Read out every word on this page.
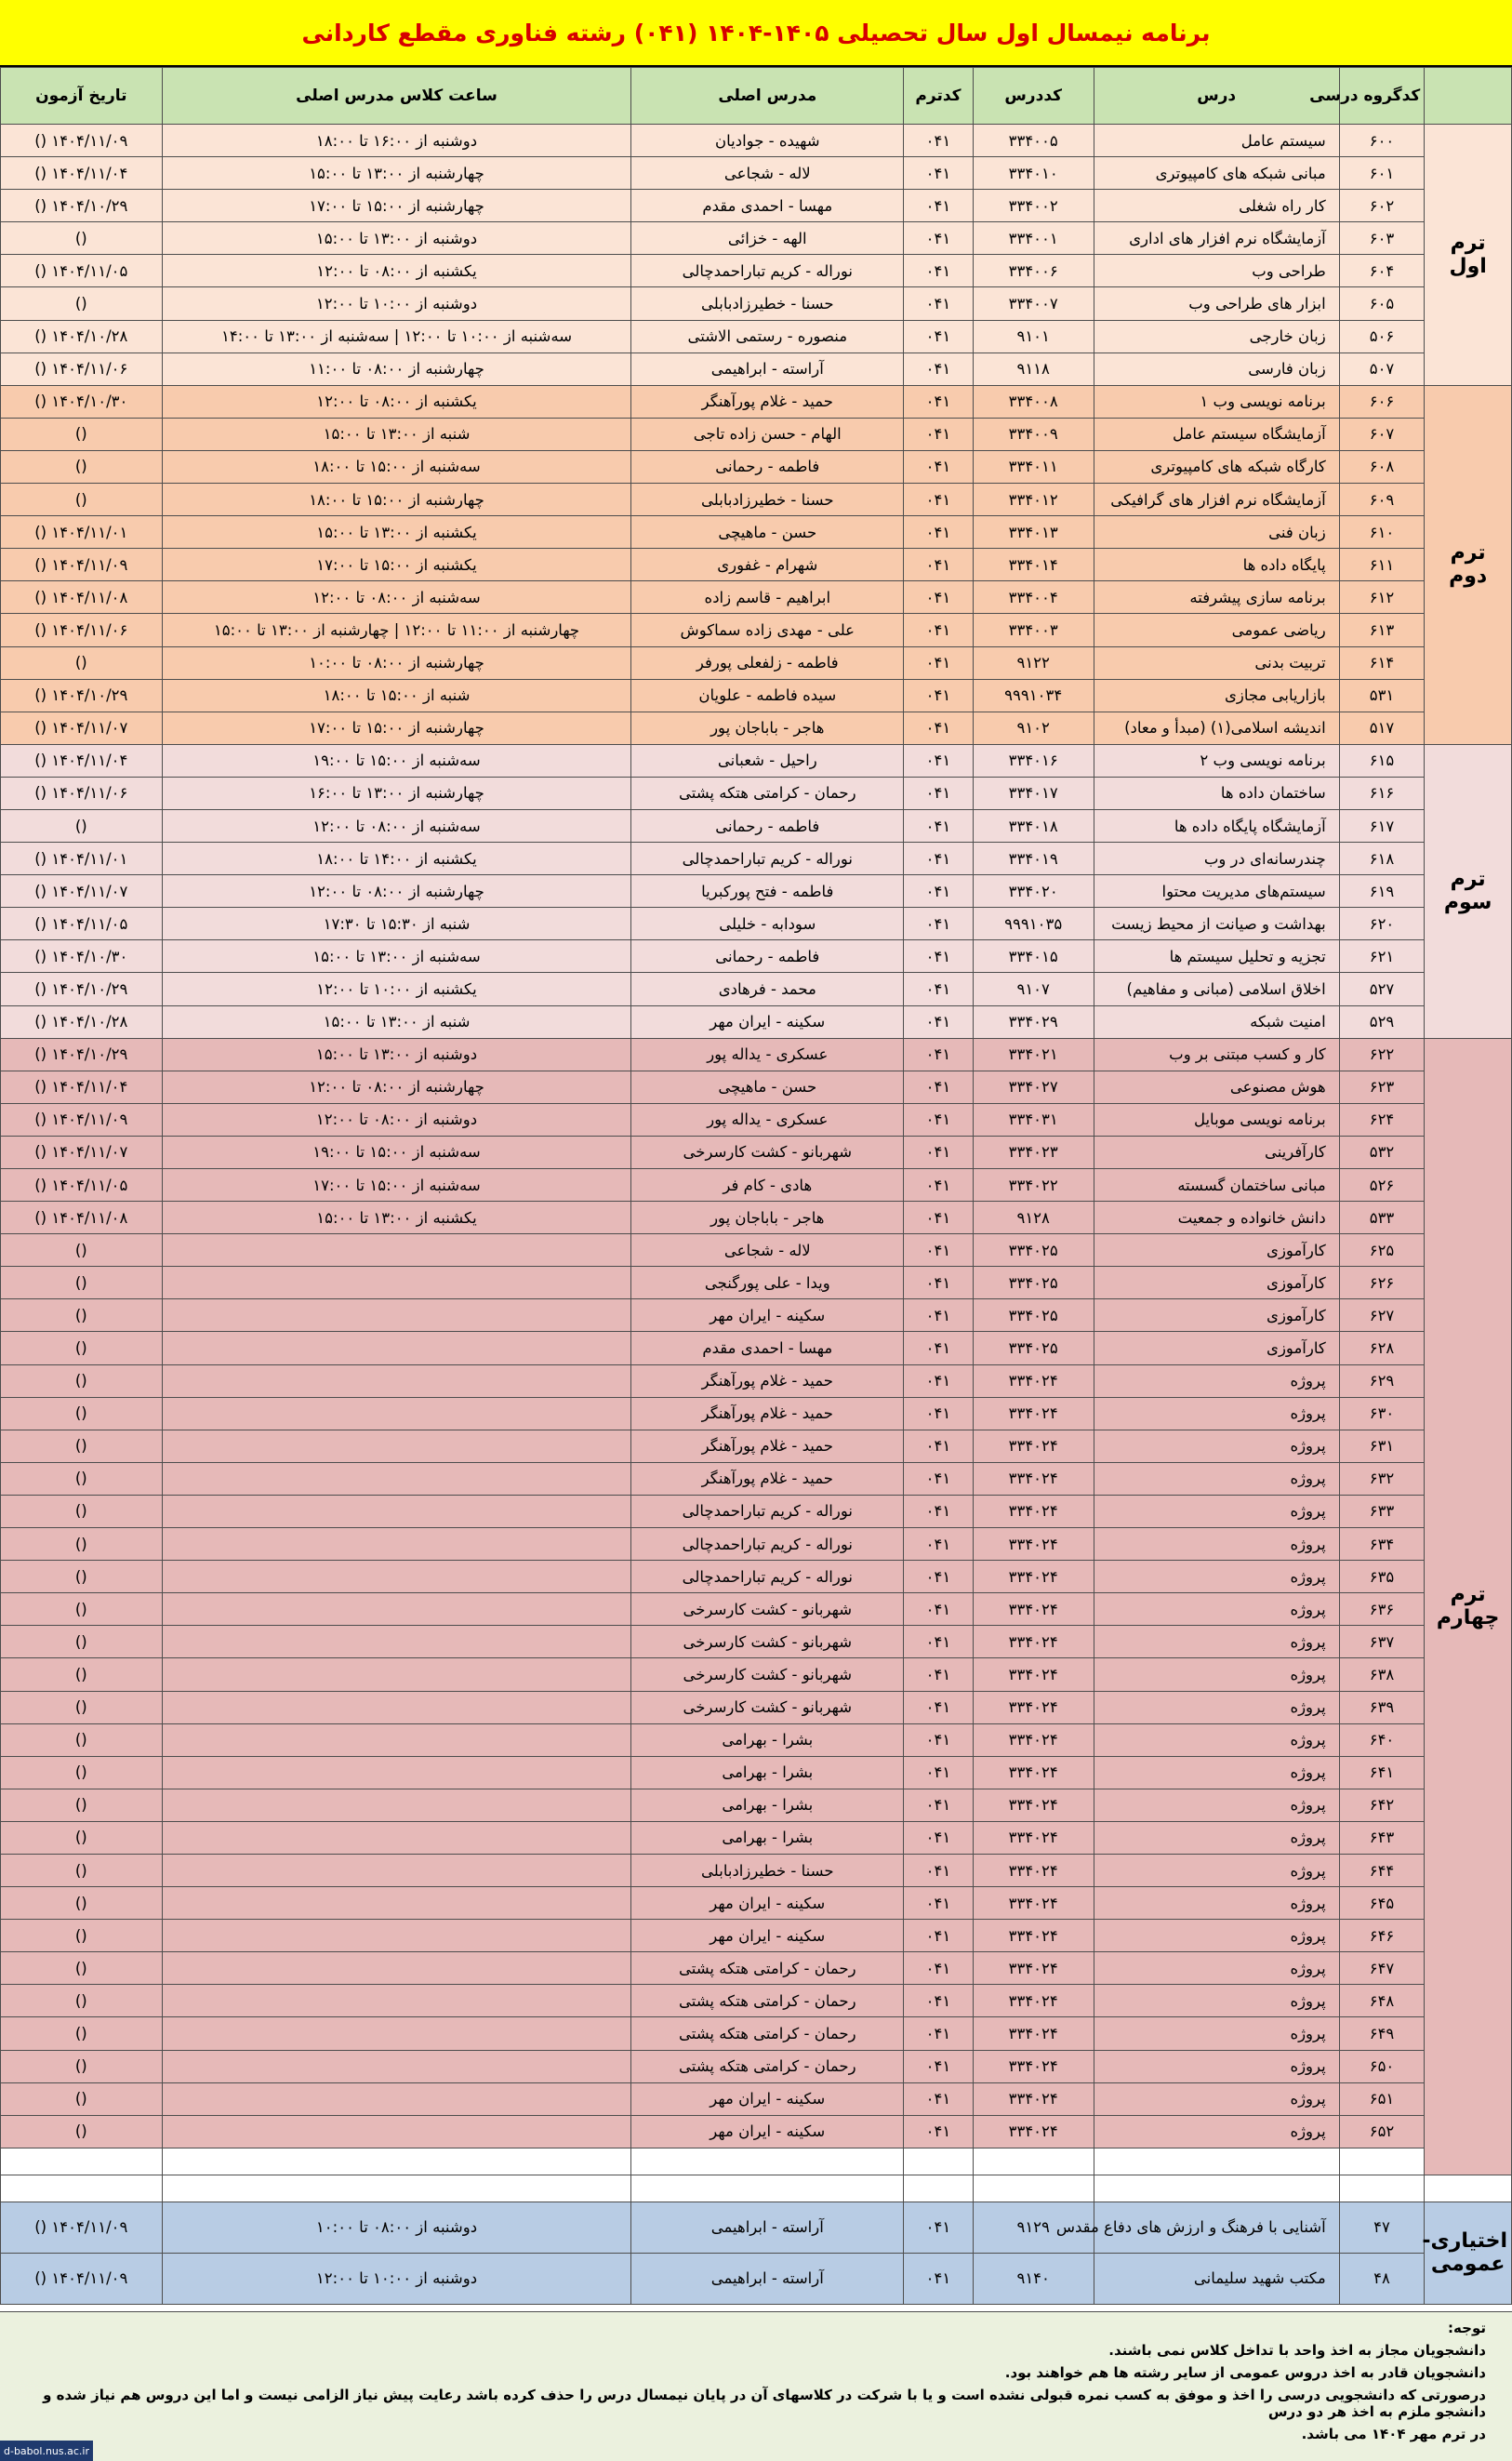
برنامه نیمسال اول سال تحصیلی ۱۴۰۵-۱۴۰۴ (۰۴۱) رشته فناوری مقطع کاردانی
	کدگروه درسی	درس	کددرس	کدترم	مدرس اصلی	ساعت کلاس مدرس اصلی	تاریخ آزمون
ترم اول	۶۰۰	سیستم عامل	۳۳۴۰۰۵	۰۴۱	شهیده - جوادیان	دوشنبه از ۱۶:۰۰ تا ۱۸:۰۰	() ۱۴۰۴/۱۱/۰۹
	۶۰۱	مبانی شبکه های کامپیوتری	۳۳۴۰۱۰	۰۴۱	لاله - شجاعی	چهارشنبه از ۱۳:۰۰ تا ۱۵:۰۰	() ۱۴۰۴/۱۱/۰۴
	۶۰۲	کار راه شغلی	۳۳۴۰۰۲	۰۴۱	مهسا - احمدی مقدم	چهارشنبه از ۱۵:۰۰ تا ۱۷:۰۰	() ۱۴۰۴/۱۰/۲۹
	۶۰۳	آزمایشگاه نرم افزار های اداری	۳۳۴۰۰۱	۰۴۱	الهه - خزائی	دوشنبه از ۱۳:۰۰ تا ۱۵:۰۰	()
	۶۰۴	طراحی وب	۳۳۴۰۰۶	۰۴۱	نوراله - کریم تباراحمدچالی	یکشنبه از ۰۸:۰۰ تا ۱۲:۰۰	() ۱۴۰۴/۱۱/۰۵
	۶۰۵	ابزار های طراحی وب	۳۳۴۰۰۷	۰۴۱	حسنا - خطیرزادبابلی	دوشنبه از ۱۰:۰۰ تا ۱۲:۰۰	()
	۵۰۶	زبان خارجی	۹۱۰۱	۰۴۱	منصوره - رستمی الاشتی	سه‌شنبه از ۱۰:۰۰ تا ۱۲:۰۰ | سه‌شنبه از ۱۳:۰۰ تا ۱۴:۰۰	() ۱۴۰۴/۱۰/۲۸
	۵۰۷	زبان فارسی	۹۱۱۸	۰۴۱	آراسته - ابراهیمی	چهارشنبه از ۰۸:۰۰ تا ۱۱:۰۰	() ۱۴۰۴/۱۱/۰۶
ترم دوم	۶۰۶	برنامه نویسی وب ۱	۳۳۴۰۰۸	۰۴۱	حمید - غلام پورآهنگر	یکشنبه از ۰۸:۰۰ تا ۱۲:۰۰	() ۱۴۰۴/۱۰/۳۰
	۶۰۷	آزمایشگاه سیستم عامل	۳۳۴۰۰۹	۰۴۱	الهام - حسن زاده تاجی	شنبه از ۱۳:۰۰ تا ۱۵:۰۰	()
	۶۰۸	کارگاه شبکه های کامپیوتری	۳۳۴۰۱۱	۰۴۱	فاطمه - رحمانی	سه‌شنبه از ۱۵:۰۰ تا ۱۸:۰۰	()
	۶۰۹	آزمایشگاه نرم افزار های گرافیکی	۳۳۴۰۱۲	۰۴۱	حسنا - خطیرزادبابلی	چهارشنبه از ۱۵:۰۰ تا ۱۸:۰۰	()
	۶۱۰	زبان فنی	۳۳۴۰۱۳	۰۴۱	حسن - ماهیچی	یکشنبه از ۱۳:۰۰ تا ۱۵:۰۰	() ۱۴۰۴/۱۱/۰۱
	۶۱۱	پایگاه داده ها	۳۳۴۰۱۴	۰۴۱	شهرام - غفوری	یکشنبه از ۱۵:۰۰ تا ۱۷:۰۰	() ۱۴۰۴/۱۱/۰۹
	۶۱۲	برنامه سازی پیشرفته	۳۳۴۰۰۴	۰۴۱	ابراهیم - قاسم زاده	سه‌شنبه از ۰۸:۰۰ تا ۱۲:۰۰	() ۱۴۰۴/۱۱/۰۸
	۶۱۳	ریاضی عمومی	۳۳۴۰۰۳	۰۴۱	علی - مهدی زاده سماکوش	چهارشنبه از ۱۱:۰۰ تا ۱۲:۰۰ | چهارشنبه از ۱۳:۰۰ تا ۱۵:۰۰	() ۱۴۰۴/۱۱/۰۶
	۶۱۴	تربیت بدنی	۹۱۲۲	۰۴۱	فاطمه - زلفعلی پورفر	چهارشنبه از ۰۸:۰۰ تا ۱۰:۰۰	()
	۵۳۱	بازاریابی مجازی	۹۹۹۱۰۳۴	۰۴۱	سیده فاطمه - علویان	شنبه از ۱۵:۰۰ تا ۱۸:۰۰	() ۱۴۰۴/۱۰/۲۹
	۵۱۷	اندیشه اسلامی(۱) (مبدأ و معاد)	۹۱۰۲	۰۴۱	هاجر - باباجان پور	چهارشنبه از ۱۵:۰۰ تا ۱۷:۰۰	() ۱۴۰۴/۱۱/۰۷
ترم سوم	۶۱۵	برنامه نویسی وب ۲	۳۳۴۰۱۶	۰۴۱	راحیل - شعبانی	سه‌شنبه از ۱۵:۰۰ تا ۱۹:۰۰	() ۱۴۰۴/۱۱/۰۴
	۶۱۶	ساختمان داده ها	۳۳۴۰۱۷	۰۴۱	رحمان - کرامتی هتکه پشتی	چهارشنبه از ۱۳:۰۰ تا ۱۶:۰۰	() ۱۴۰۴/۱۱/۰۶
	۶۱۷	آزمایشگاه پایگاه داده ها	۳۳۴۰۱۸	۰۴۱	فاطمه - رحمانی	سه‌شنبه از ۰۸:۰۰ تا ۱۲:۰۰	()
	۶۱۸	چندرسانه‌ای در وب	۳۳۴۰۱۹	۰۴۱	نوراله - کریم تباراحمدچالی	یکشنبه از ۱۴:۰۰ تا ۱۸:۰۰	() ۱۴۰۴/۱۱/۰۱
	۶۱۹	سیستم‌های مدیریت محتوا	۳۳۴۰۲۰	۰۴۱	فاطمه - فتح پورکبریا	چهارشنبه از ۰۸:۰۰ تا ۱۲:۰۰	() ۱۴۰۴/۱۱/۰۷
	۶۲۰	بهداشت و صیانت از محیط زیست	۹۹۹۱۰۳۵	۰۴۱	سودابه - خلیلی	شنبه از ۱۵:۳۰ تا ۱۷:۳۰	() ۱۴۰۴/۱۱/۰۵
	۶۲۱	تجزیه و تحلیل سیستم ها	۳۳۴۰۱۵	۰۴۱	فاطمه - رحمانی	سه‌شنبه از ۱۳:۰۰ تا ۱۵:۰۰	() ۱۴۰۴/۱۰/۳۰
	۵۲۷	اخلاق اسلامی (مبانی و مفاهیم)	۹۱۰۷	۰۴۱	محمد - فرهادی	یکشنبه از ۱۰:۰۰ تا ۱۲:۰۰	() ۱۴۰۴/۱۰/۲۹
	۵۲۹	امنیت شبکه	۳۳۴۰۲۹	۰۴۱	سکینه - ایران مهر	شنبه از ۱۳:۰۰ تا ۱۵:۰۰	() ۱۴۰۴/۱۰/۲۸
ترم چهارم	۶۲۲	کار و کسب مبتنی بر وب	۳۳۴۰۲۱	۰۴۱	عسکری - یداله پور	دوشنبه از ۱۳:۰۰ تا ۱۵:۰۰	() ۱۴۰۴/۱۰/۲۹
	۶۲۳	هوش مصنوعی	۳۳۴۰۲۷	۰۴۱	حسن - ماهیچی	چهارشنبه از ۰۸:۰۰ تا ۱۲:۰۰	() ۱۴۰۴/۱۱/۰۴
	۶۲۴	برنامه نویسی موبایل	۳۳۴۰۳۱	۰۴۱	عسکری - یداله پور	دوشنبه از ۰۸:۰۰ تا ۱۲:۰۰	() ۱۴۰۴/۱۱/۰۹
	۵۳۲	کارآفرینی	۳۳۴۰۲۳	۰۴۱	شهربانو - کشت کارسرخی	سه‌شنبه از ۱۵:۰۰ تا ۱۹:۰۰	() ۱۴۰۴/۱۱/۰۷
	۵۲۶	مبانی ساختمان گسسته	۳۳۴۰۲۲	۰۴۱	هادی - کام فر	سه‌شنبه از ۱۵:۰۰ تا ۱۷:۰۰	() ۱۴۰۴/۱۱/۰۵
	۵۳۳	دانش خانواده و جمعیت	۹۱۲۸	۰۴۱	هاجر - باباجان پور	یکشنبه از ۱۳:۰۰ تا ۱۵:۰۰	() ۱۴۰۴/۱۱/۰۸
	۶۲۵	کارآموزی	۳۳۴۰۲۵	۰۴۱	لاله - شجاعی		()
	۶۲۶	کارآموزی	۳۳۴۰۲۵	۰۴۱	ویدا - علی پورگنجی		()
	۶۲۷	کارآموزی	۳۳۴۰۲۵	۰۴۱	سکینه - ایران مهر		()
	۶۲۸	کارآموزی	۳۳۴۰۲۵	۰۴۱	مهسا - احمدی مقدم		()
	۶۲۹	پروژه	۳۳۴۰۲۴	۰۴۱	حمید - غلام پورآهنگر		()
	۶۳۰	پروژه	۳۳۴۰۲۴	۰۴۱	حمید - غلام پورآهنگر		()
	۶۳۱	پروژه	۳۳۴۰۲۴	۰۴۱	حمید - غلام پورآهنگر		()
	۶۳۲	پروژه	۳۳۴۰۲۴	۰۴۱	حمید - غلام پورآهنگر		()
	۶۳۳	پروژه	۳۳۴۰۲۴	۰۴۱	نوراله - کریم تباراحمدچالی		()
	۶۳۴	پروژه	۳۳۴۰۲۴	۰۴۱	نوراله - کریم تباراحمدچالی		()
	۶۳۵	پروژه	۳۳۴۰۲۴	۰۴۱	نوراله - کریم تباراحمدچالی		()
	۶۳۶	پروژه	۳۳۴۰۲۴	۰۴۱	شهربانو - کشت کارسرخی		()
	۶۳۷	پروژه	۳۳۴۰۲۴	۰۴۱	شهربانو - کشت کارسرخی		()
	۶۳۸	پروژه	۳۳۴۰۲۴	۰۴۱	شهربانو - کشت کارسرخی		()
	۶۳۹	پروژه	۳۳۴۰۲۴	۰۴۱	شهربانو - کشت کارسرخی		()
	۶۴۰	پروژه	۳۳۴۰۲۴	۰۴۱	بشرا - بهرامی		()
	۶۴۱	پروژه	۳۳۴۰۲۴	۰۴۱	بشرا - بهرامی		()
	۶۴۲	پروژه	۳۳۴۰۲۴	۰۴۱	بشرا - بهرامی		()
	۶۴۳	پروژه	۳۳۴۰۲۴	۰۴۱	بشرا - بهرامی		()
	۶۴۴	پروژه	۳۳۴۰۲۴	۰۴۱	حسنا - خطیرزادبابلی		()
	۶۴۵	پروژه	۳۳۴۰۲۴	۰۴۱	سکینه - ایران مهر		()
	۶۴۶	پروژه	۳۳۴۰۲۴	۰۴۱	سکینه - ایران مهر		()
	۶۴۷	پروژه	۳۳۴۰۲۴	۰۴۱	رحمان - کرامتی هتکه پشتی		()
	۶۴۸	پروژه	۳۳۴۰۲۴	۰۴۱	رحمان - کرامتی هتکه پشتی		()
	۶۴۹	پروژه	۳۳۴۰۲۴	۰۴۱	رحمان - کرامتی هتکه پشتی		()
	۶۵۰	پروژه	۳۳۴۰۲۴	۰۴۱	رحمان - کرامتی هتکه پشتی		()
	۶۵۱	پروژه	۳۳۴۰۲۴	۰۴۱	سکینه - ایران مهر		()
	۶۵۲	پروژه	۳۳۴۰۲۴	۰۴۱	سکینه - ایران مهر		()

اختیاری- عمومی	۴۷	آشنایی با فرهنگ و ارزش های دفاع مقدس	۹۱۲۹	۰۴۱	آراسته - ابراهیمی	دوشنبه از ۰۸:۰۰ تا ۱۰:۰۰	() ۱۴۰۴/۱۱/۰۹
	۴۸	مکتب شهید سلیمانی	۹۱۴۰	۰۴۱	آراسته - ابراهیمی	دوشنبه از ۱۰:۰۰ تا ۱۲:۰۰	() ۱۴۰۴/۱۱/۰۹
توجه:
دانشجویان مجاز به اخذ واحد با تداخل کلاس نمی باشند.
دانشجویان قادر به اخذ دروس عمومی از سایر رشته ها هم خواهند بود.
درصورتی که دانشجویی درسی را اخذ و موفق به کسب نمره قبولی نشده است و یا با شرکت در کلاسهای آن در پایان نیمسال درس را حذف کرده باشد رعایت پیش نیاز الزامی نیست و اما این دروس هم نیاز شده و دانشجو ملزم به اخذ هر دو درس
در ترم مهر ۱۴۰۴ می باشد.
d-babol.nus.ac.ir
